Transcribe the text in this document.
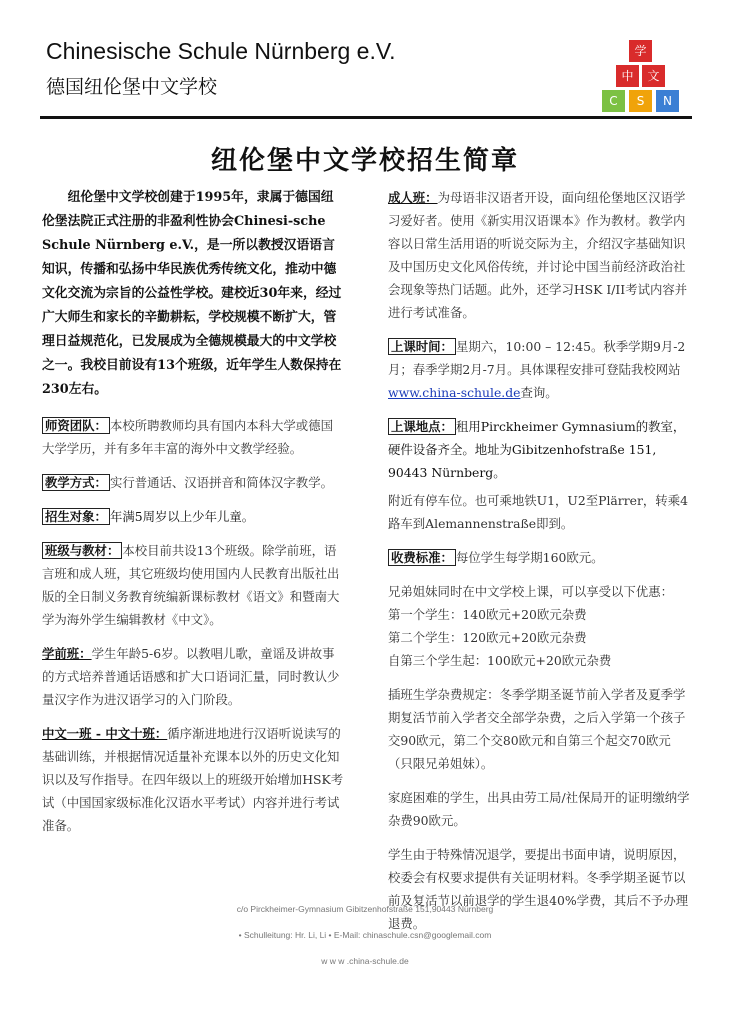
Chinesische Schule Nürnberg e.V.
德国纽伦堡中文学校
学
中	文
C	S	N
纽伦堡中文学校招生简章

纽伦堡中文学校创建于1995年，隶属于德国纽伦堡法院正式注册的非盈利性协会Chinesi-sche Schule Nürnberg e.V.，是一所以教授汉语语言知识，传播和弘扬中华民族优秀传统文化，推动中德文化交流为宗旨的公益性学校。建校近30年来，经过广大师生和家长的辛勤耕耘，学校规模不断扩大，管理日益规范化，已发展成为全德规模最大的中文学校之一。我校目前设有13个班级，近年学生人数保持在230左右。

师资团队： 本校所聘教师均具有国内本科大学或德国大学学历，并有多年丰富的海外中文教学经验。
教学方式： 实行普通话、汉语拼音和简体汉字教学。
招生对象： 年满5周岁以上少年儿童。
班级与教材： 本校目前共设13个班级。除学前班，语言班和成人班，其它班级均使用国内人民教育出版社出版的全日制义务教育统编新课标教材《语文》和暨南大学为海外学生编辑教材《中文》。
学前班：学生年龄5-6岁。以教唱儿歌，童谣及讲故事的方式培养普通话语感和扩大口语词汇量，同时教认少量汉字作为进汉语学习的入门阶段。
中文一班 - 中文十班：循序渐进地进行汉语听说读写的基础训练，并根据情况适量补充课本以外的历史文化知识以及写作指导。在四年级以上的班级开始增加HSK考试（中国国家级标准化汉语水平考试）内容并进行考试准备。
成人班：为母语非汉语者开设，面向纽伦堡地区汉语学习爱好者。使用《新实用汉语课本》作为教材。教学内容以日常生活用语的听说交际为主，介绍汉字基础知识及中国历史文化风俗传统，并讨论中国当前经济政治社会现象等热门话题。此外，还学习HSK I/II考试内容并进行考试准备。
上课时间： 星期六，10:00 – 12:45。秋季学期9月-2月；春季学期2月-7月。具体课程安排可登陆我校网站www.china-schule.de查询。
上课地点： 租用Pirckheimer Gymnasium的教室，硬件设备齐全。地址为Gibitzenhofstraße 151, 90443 Nürnberg。
附近有停车位。也可乘地铁U1，U2至Plärrer，转乘4路车到Alemannenstraße即到。
收费标准： 每位学生每学期160欧元。
兄弟姐妹同时在中文学校上课，可以享受以下优惠：
第一个学生：140欧元+20欧元杂费
第二个学生：120欧元+20欧元杂费
自第三个学生起：100欧元+20欧元杂费
插班生学杂费规定：冬季学期圣诞节前入学者及夏季学期复活节前入学者交全部学杂费，之后入学第一个孩子交90欧元，第二个交80欧元和自第三个起交70欧元（只限兄弟姐妹）。
家庭困难的学生，出具由劳工局/社保局开的证明缴纳学杂费90欧元。
学生由于特殊情况退学，要提出书面申请，说明原因，校委会有权要求提供有关证明材料。冬季学期圣诞节以前及复活节以前退学的学生退40%学费，其后不予办理退费。
c/o Pirckheimer-Gymnasium Gibitzenhofstraße 151,90443 Nürnberg
• Schulleitung: Hr. Li, Li • E-Mail: chinaschule.csn@googlemail.com
w w w .china-schule.de
